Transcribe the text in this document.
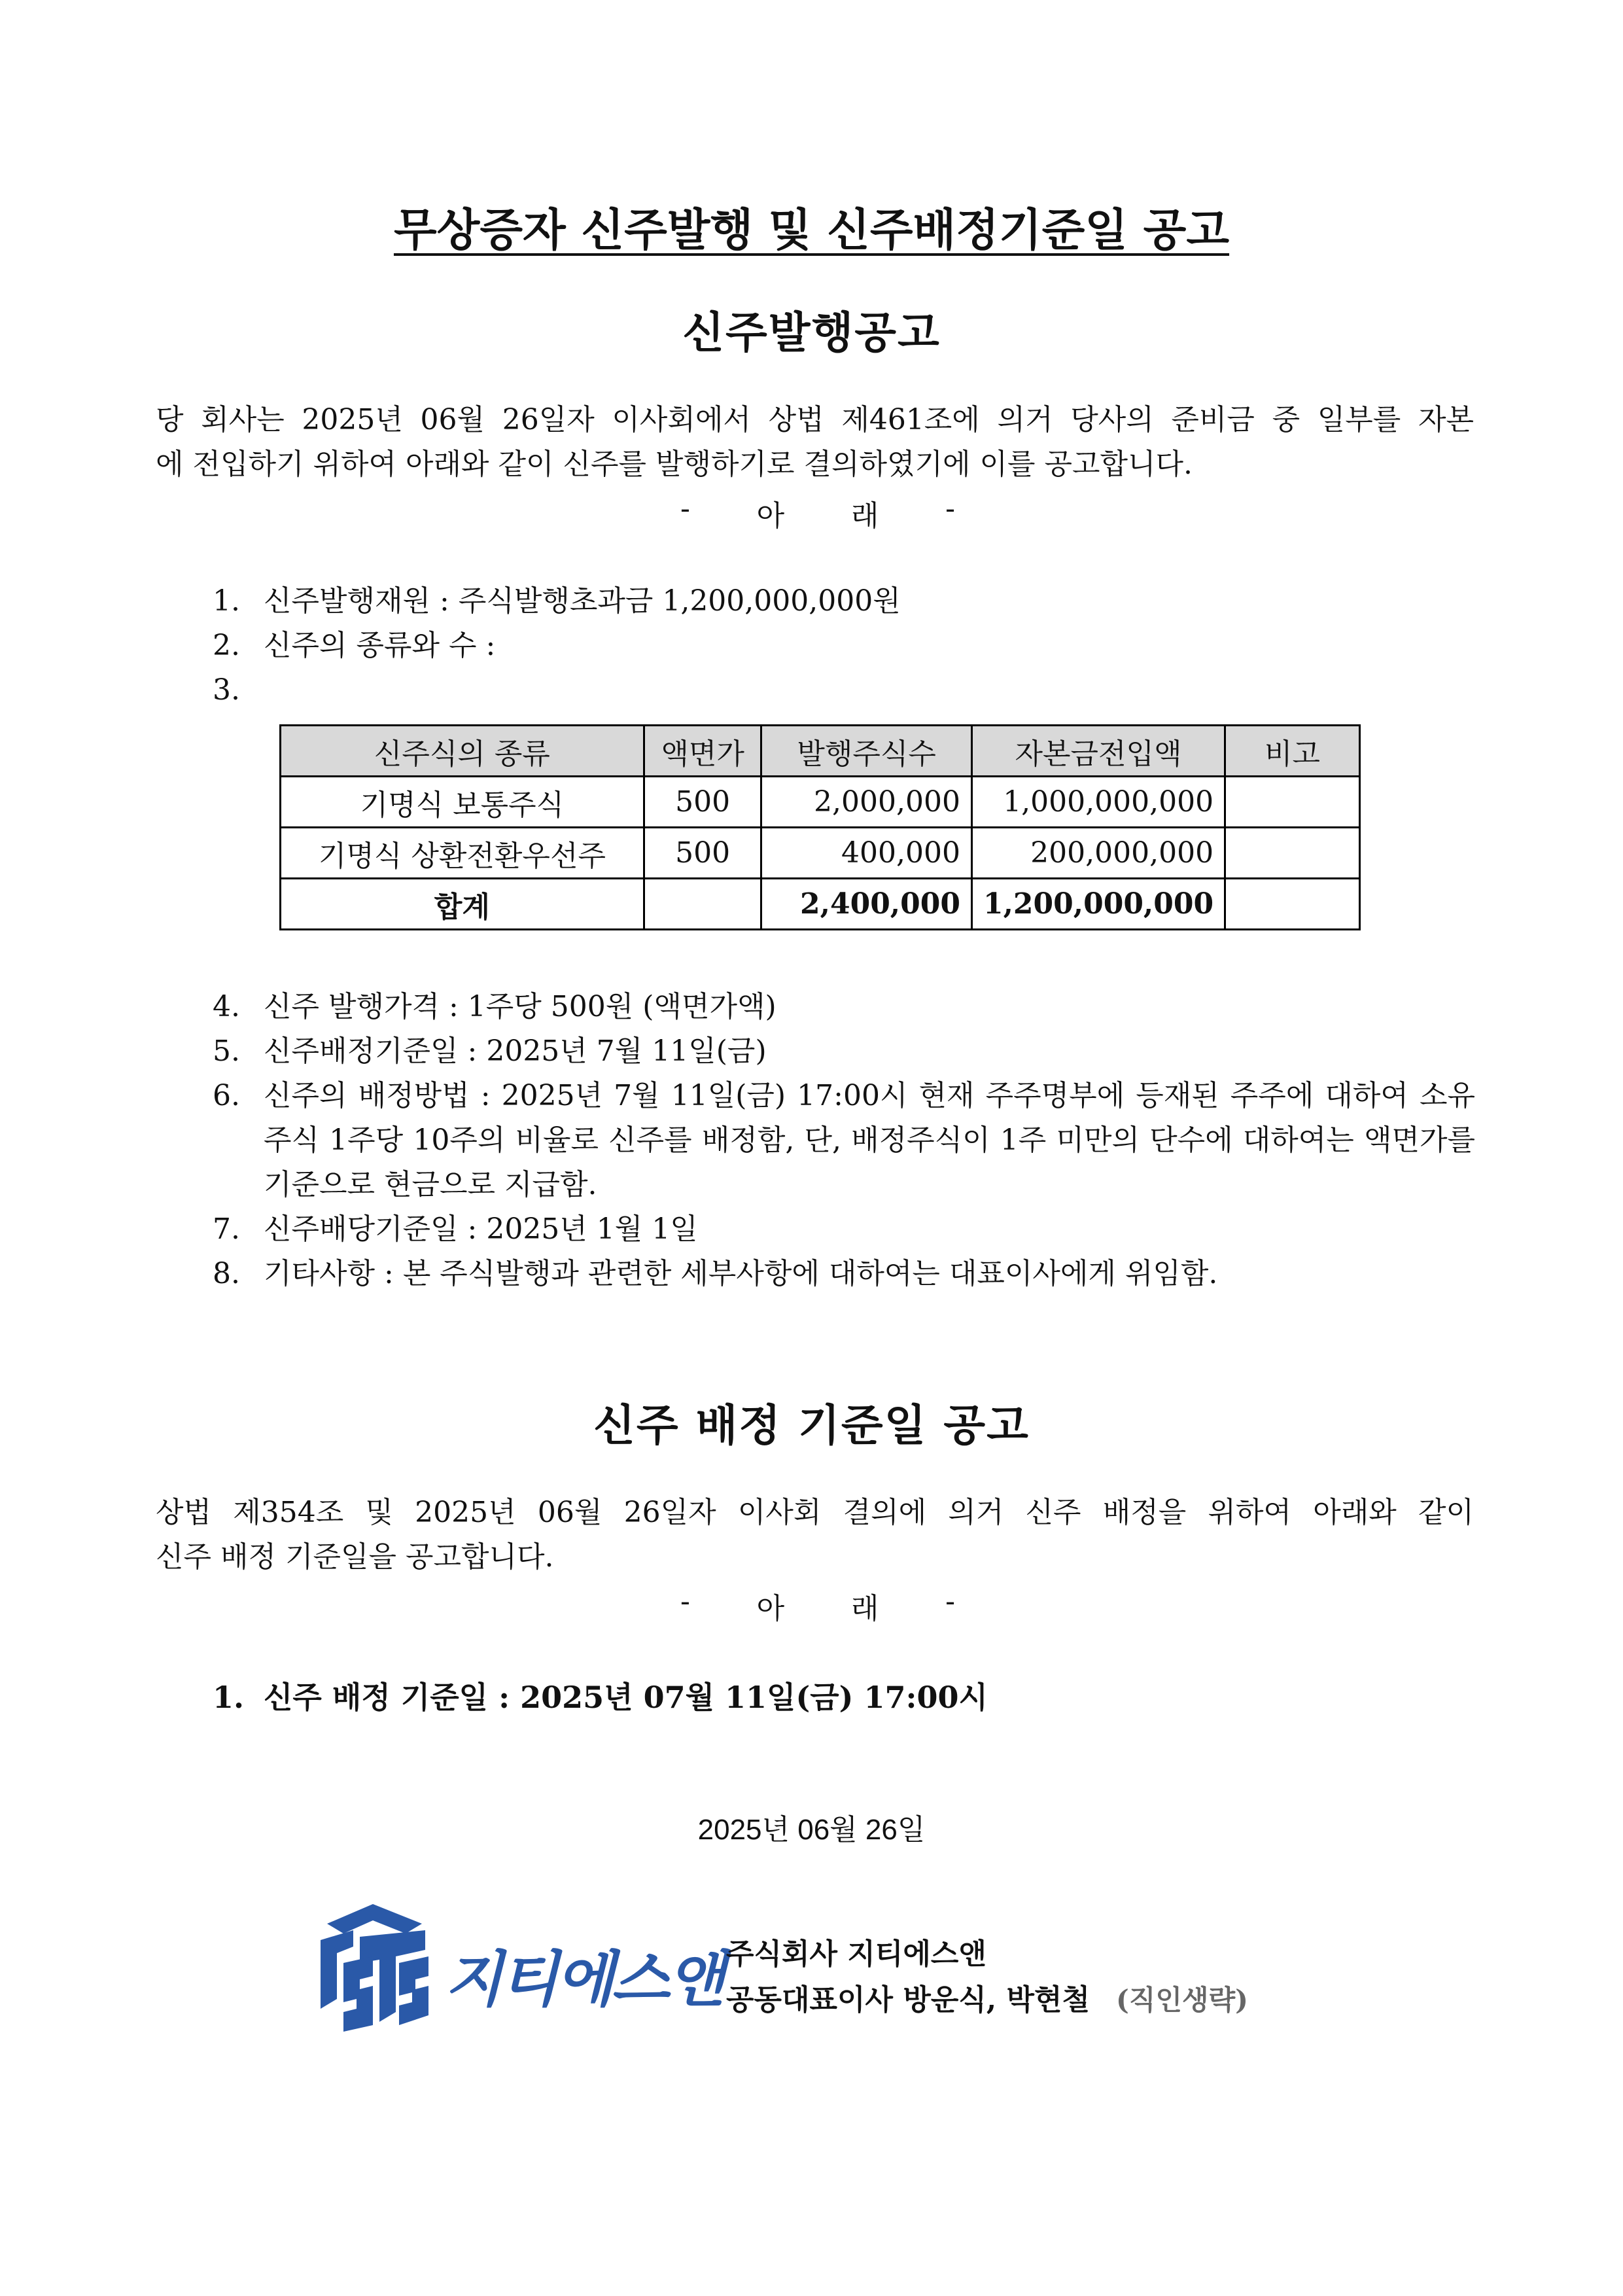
무상증자 신주발행 및 신주배정기준일 공고
신주발행공고
당 회사는 2025년 06월 26일자 이사회에서 상법 제461조에 의거 당사의 준비금 중 일부를 자본
에 전입하기 위하여 아래와 같이 신주를 발행하기로 결의하였기에 이를 공고합니다.
- 아 래 -
1. 신주발행재원 : 주식발행초과금 1,200,000,000원
2. 신주의 종류와 수 :
3.
신주식의 종류	액면가	발행주식수	자본금전입액	비고
기명식 보통주식	500	2,000,000	1,000,000,000	
기명식 상환전환우선주	500	400,000	200,000,000	
합계		2,400,000	1,200,000,000	
4. 신주 발행가격 : 1주당 500원 (액면가액)
5. 신주배정기준일 : 2025년 7월 11일(금)
6. 신주의 배정방법 : 2025년 7월 11일(금) 17:00시 현재 주주명부에 등재된 주주에 대하여 소유주식 1주당 10주의 비율로 신주를 배정함, 단, 배정주식이 1주 미만의 단수에 대하여는 액면가를 기준으로 현금으로 지급함.
7. 신주배당기준일 : 2025년 1월 1일
8. 기타사항 : 본 주식발행과 관련한 세부사항에 대하여는 대표이사에게 위임함.
신주 배정 기준일 공고
상법 제354조 및 2025년 06월 26일자 이사회 결의에 의거 신주 배정을 위하여 아래와 같이
신주 배정 기준일을 공고합니다.
- 아 래 -
1. 신주 배정 기준일 : 2025년 07월 11일(금) 17:00시
2025년 06월 26일
지티에스앤 주식회사 지티에스앤
공동대표이사 방운식, 박현철 (직인생략)
